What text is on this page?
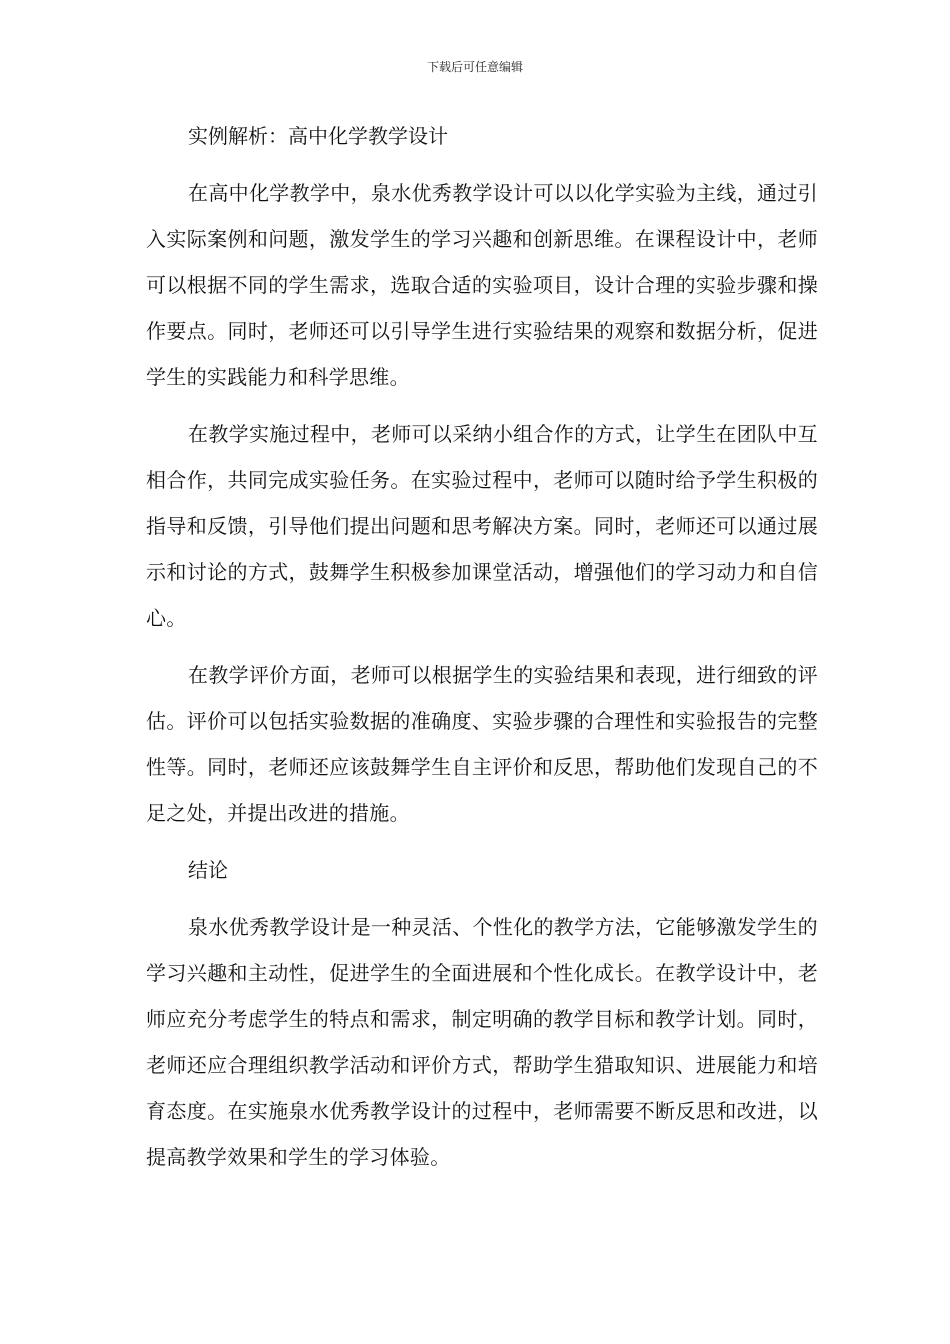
下载后可任意编辑

实例解析：高中化学教学设计

在高中化学教学中，泉水优秀教学设计可以以化学实验为主线，通过引入实际案例和问题，激发学生的学习兴趣和创新思维。在课程设计中，老师可以根据不同的学生需求，选取合适的实验项目，设计合理的实验步骤和操作要点。同时，老师还可以引导学生进行实验结果的观察和数据分析，促进学生的实践能力和科学思维。

在教学实施过程中，老师可以采纳小组合作的方式，让学生在团队中互相合作，共同完成实验任务。在实验过程中，老师可以随时给予学生积极的指导和反馈，引导他们提出问题和思考解决方案。同时，老师还可以通过展示和讨论的方式，鼓舞学生积极参加课堂活动，增强他们的学习动力和自信心。

在教学评价方面，老师可以根据学生的实验结果和表现，进行细致的评估。评价可以包括实验数据的准确度、实验步骤的合理性和实验报告的完整性等。同时，老师还应该鼓舞学生自主评价和反思，帮助他们发现自己的不足之处，并提出改进的措施。

结论

泉水优秀教学设计是一种灵活、个性化的教学方法，它能够激发学生的学习兴趣和主动性，促进学生的全面进展和个性化成长。在教学设计中，老师应充分考虑学生的特点和需求，制定明确的教学目标和教学计划。同时，老师还应合理组织教学活动和评价方式，帮助学生猎取知识、进展能力和培育态度。在实施泉水优秀教学设计的过程中，老师需要不断反思和改进，以提高教学效果和学生的学习体验。
